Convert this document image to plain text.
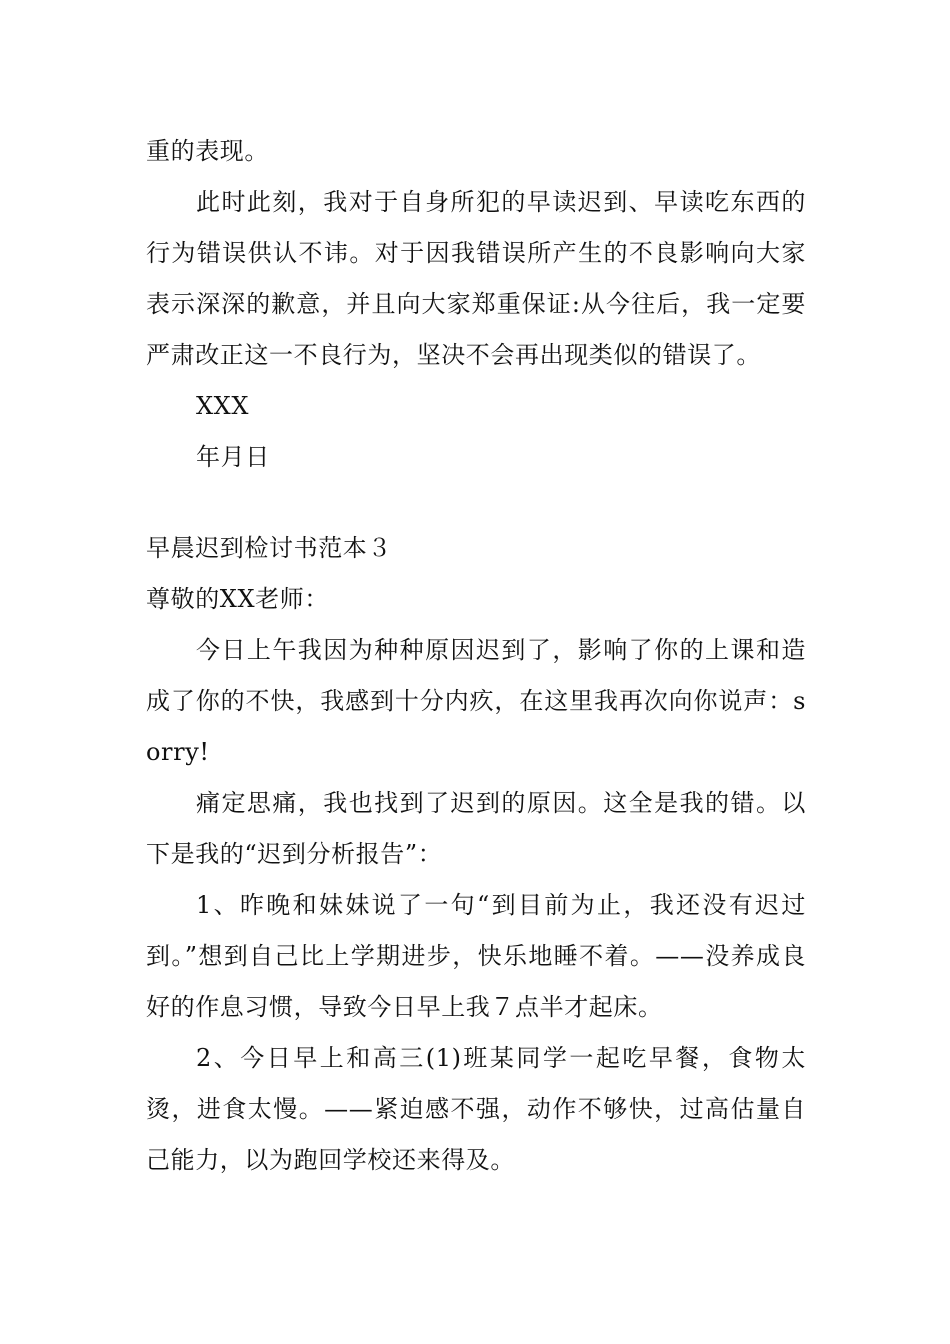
重的表现。

此时此刻，我对于自身所犯的早读迟到、早读吃东西的行为错误供认不讳。对于因我错误所产生的不良影响向大家表示深深的歉意，并且向大家郑重保证:从今往后，我一定要严肃改正这一不良行为，坚决不会再出现类似的错误了。

XXX

年月日

早晨迟到检讨书范本３

尊敬的XX老师：

今日上午我因为种种原因迟到了，影响了你的上课和造成了你的不快，我感到十分内疚，在这里我再次向你说声：sorry!

痛定思痛，我也找到了迟到的原因。这全是我的错。以下是我的“迟到分析报告”：

1、昨晚和妹妹说了一句“到目前为止，我还没有迟过到。”想到自己比上学期进步，快乐地睡不着。——没养成良好的作息习惯，导致今日早上我７点半才起床。

2、今日早上和高三(1)班某同学一起吃早餐，食物太烫，进食太慢。——紧迫感不强，动作不够快，过高估量自己能力，以为跑回学校还来得及。
